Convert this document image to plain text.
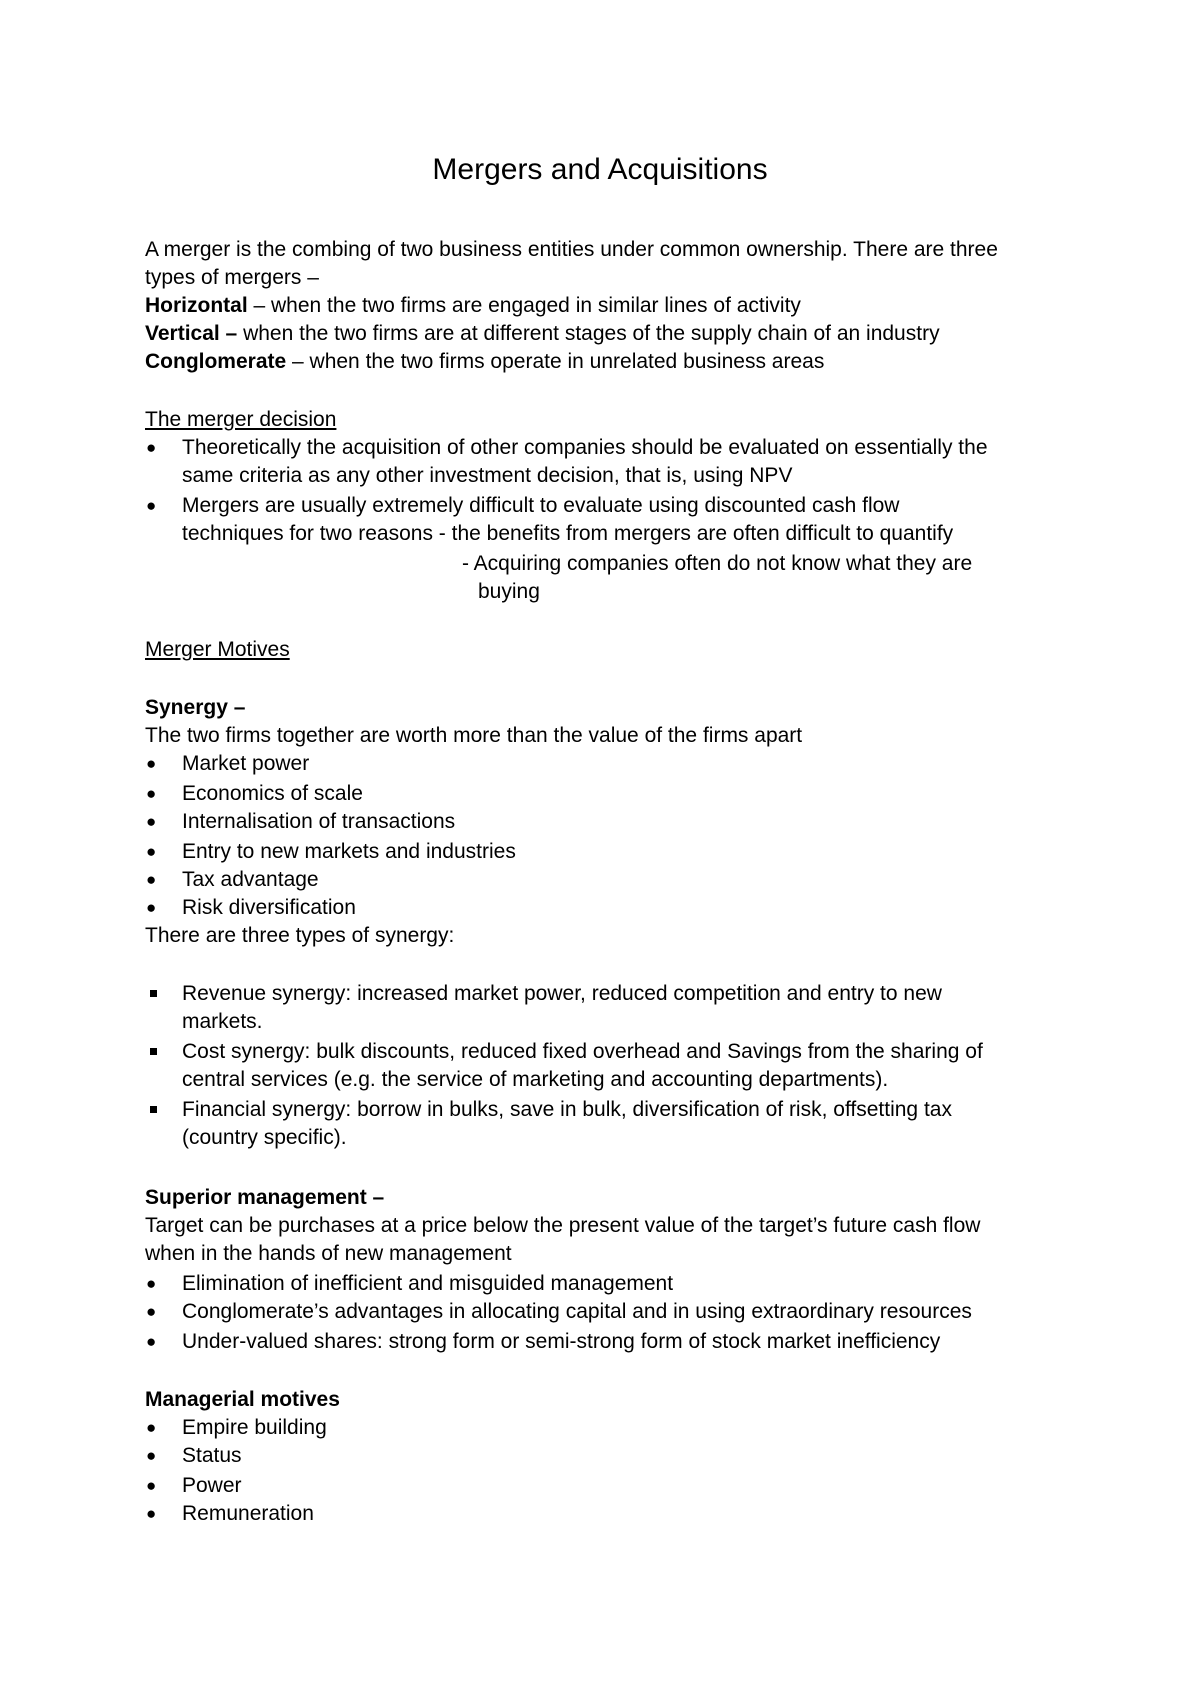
Mergers and Acquisitions
A merger is the combing of two business entities under common ownership. There are three
types of mergers –
Horizontal – when the two firms are engaged in similar lines of activity
Vertical – when the two firms are at different stages of the supply chain of an industry
Conglomerate – when the two firms operate in unrelated business areas
The merger decision
● Theoretically the acquisition of other companies should be evaluated on essentially the
same criteria as any other investment decision, that is, using NPV
● Mergers are usually extremely difficult to evaluate using discounted cash flow
techniques for two reasons - the benefits from mergers are often difficult to quantify
- Acquiring companies often do not know what they are
buying
Merger Motives
Synergy –
The two firms together are worth more than the value of the firms apart
● Market power
● Economics of scale
● Internalisation of transactions
● Entry to new markets and industries
● Tax advantage
● Risk diversification
There are three types of synergy:
Revenue synergy: increased market power, reduced competition and entry to new
markets.
Cost synergy: bulk discounts, reduced fixed overhead and Savings from the sharing of
central services (e.g. the service of marketing and accounting departments).
Financial synergy: borrow in bulks, save in bulk, diversification of risk, offsetting tax
(country specific).
Superior management –
Target can be purchases at a price below the present value of the target’s future cash flow
when in the hands of new management
● Elimination of inefficient and misguided management
● Conglomerate’s advantages in allocating capital and in using extraordinary resources
● Under-valued shares: strong form or semi-strong form of stock market inefficiency
Managerial motives
● Empire building
● Status
● Power
● Remuneration
